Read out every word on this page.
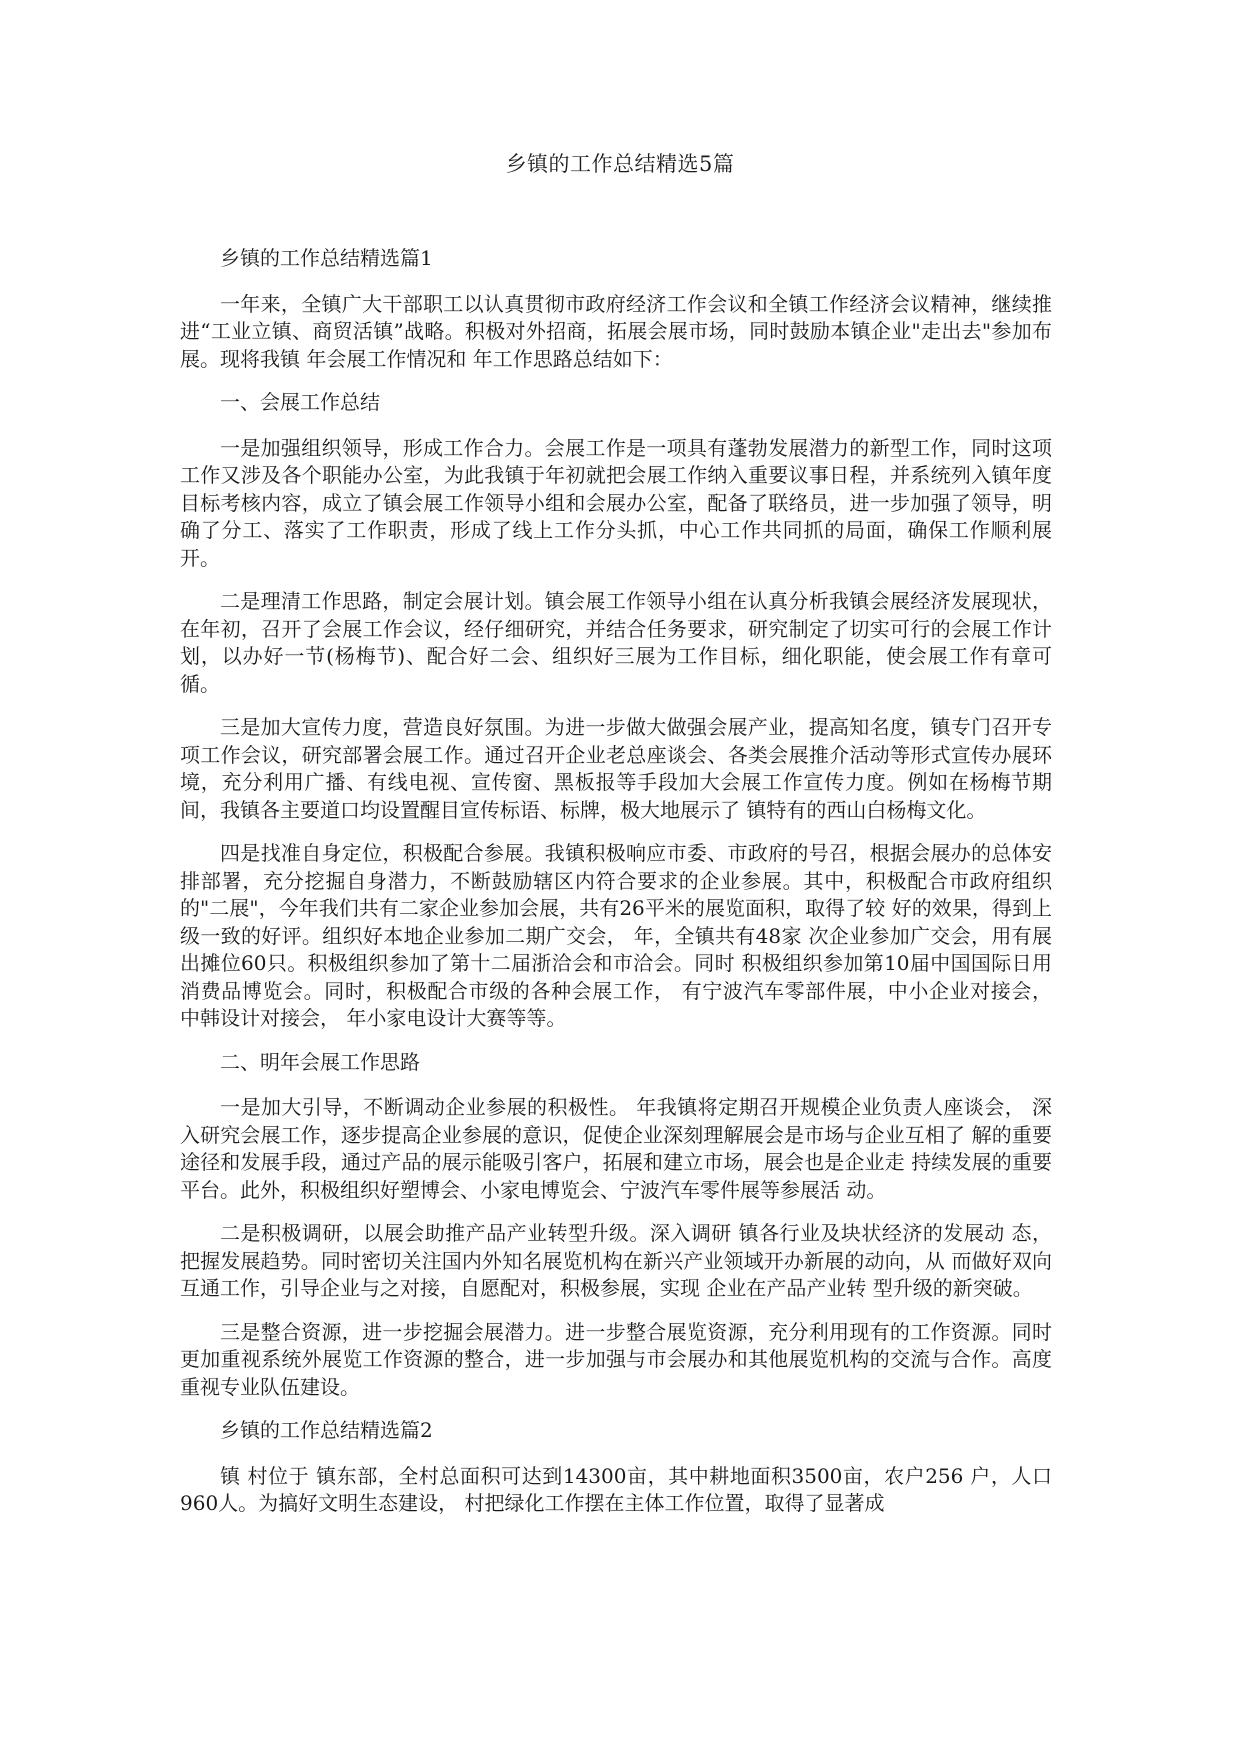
乡镇的工作总结精选5篇

乡镇的工作总结精选篇1

一年来，全镇广大干部职工以认真贯彻市政府经济工作会议和全镇工作经济会议精神，继续推进“工业立镇、商贸活镇”战略。积极对外招商，拓展会展市场，同时鼓励本镇企业"走出去"参加布展。现将我镇 年会展工作情况和 年工作思路总结如下：

一、会展工作总结

一是加强组织领导，形成工作合力。会展工作是一项具有蓬勃发展潜力的新型工作，同时这项工作又涉及各个职能办公室，为此我镇于年初就把会展工作纳入重要议事日程，并系统列入镇年度目标考核内容，成立了镇会展工作领导小组和会展办公室，配备了联络员，进一步加强了领导，明确了分工、落实了工作职责，形成了线上工作分头抓，中心工作共同抓的局面，确保工作顺利展开。

二是理清工作思路，制定会展计划。镇会展工作领导小组在认真分析我镇会展经济发展现状，在年初，召开了会展工作会议，经仔细研究，并结合任务要求，研究制定了切实可行的会展工作计划，以办好一节(杨梅节)、配合好二会、组织好三展为工作目标，细化职能，使会展工作有章可循。

三是加大宣传力度，营造良好氛围。为进一步做大做强会展产业，提高知名度，镇专门召开专项工作会议，研究部署会展工作。通过召开企业老总座谈会、各类会展推介活动等形式宣传办展环境，充分利用广播、有线电视、宣传窗、黑板报等手段加大会展工作宣传力度。例如在杨梅节期间，我镇各主要道口均设置醒目宣传标语、标牌，极大地展示了 镇特有的西山白杨梅文化。

四是找准自身定位，积极配合参展。我镇积极响应市委、市政府的号召，根据会展办的总体安排部署，充分挖掘自身潜力，不断鼓励辖区内符合要求的企业参展。其中，积极配合市政府组织的"二展"，今年我们共有二家企业参加会展，共有26平米的展览面积，取得了较 好的效果，得到上级一致的好评。组织好本地企业参加二期广交会， 年，全镇共有48家 次企业参加广交会，用有展出摊位60只。积极组织参加了第十二届浙洽会和市洽会。同时 积极组织参加第10届中国国际日用消费品博览会。同时，积极配合市级的各种会展工作， 有宁波汽车零部件展，中小企业对接会， 中韩设计对接会， 年小家电设计大赛等等。

二、明年会展工作思路

一是加大引导，不断调动企业参展的积极性。 年我镇将定期召开规模企业负责人座谈会， 深入研究会展工作，逐步提高企业参展的意识，促使企业深刻理解展会是市场与企业互相了 解的重要途径和发展手段，通过产品的展示能吸引客户，拓展和建立市场，展会也是企业走 持续发展的重要平台。此外，积极组织好塑博会、小家电博览会、宁波汽车零件展等参展活 动。

二是积极调研，以展会助推产品产业转型升级。深入调研 镇各行业及块状经济的发展动 态，把握发展趋势。同时密切关注国内外知名展览机构在新兴产业领域开办新展的动向，从 而做好双向互通工作，引导企业与之对接，自愿配对，积极参展，实现 企业在产品产业转 型升级的新突破。

三是整合资源，进一步挖掘会展潜力。进一步整合展览资源，充分利用现有的工作资源。同时更加重视系统外展览工作资源的整合，进一步加强与市会展办和其他展览机构的交流与合作。高度重视专业队伍建设。

乡镇的工作总结精选篇2

镇 村位于 镇东部，全村总面积可达到14300亩，其中耕地面积3500亩，农户256 户，人口960人。为搞好文明生态建设， 村把绿化工作摆在主体工作位置，取得了显著成
